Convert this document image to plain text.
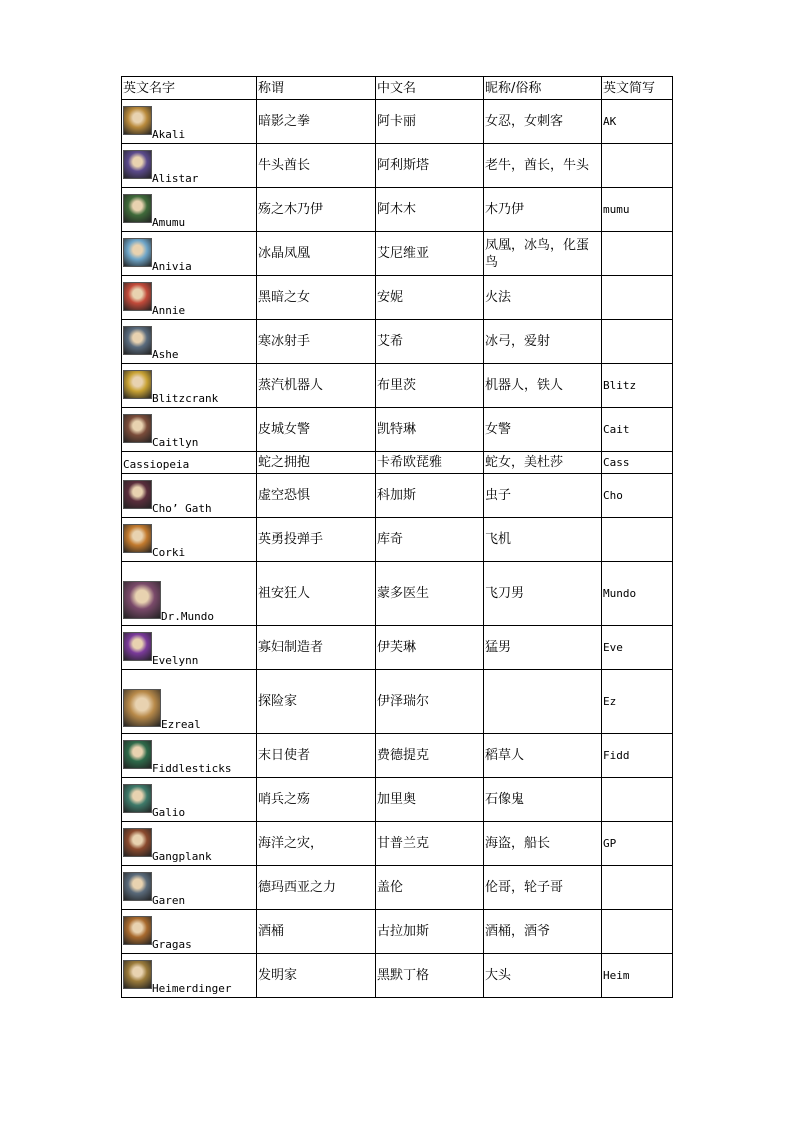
英文名字	称谓	中文名	昵称/俗称	英文简写

Akali	暗影之拳	阿卡丽	女忍，女刺客	AK

Alistar	牛头酋长	阿利斯塔	老牛，酋长，牛头	

Amumu	殇之木乃伊	阿木木	木乃伊	mumu

Anivia	冰晶凤凰	艾尼维亚	凤凰，冰鸟，化蛋鸟	

Annie	黑暗之女	安妮	火法	

Ashe	寒冰射手	艾希	冰弓，爱射	

Blitzcrank	蒸汽机器人	布里茨	机器人，铁人	Blitz

Caitlyn	皮城女警	凯特琳	女警	Cait

Cassiopeia	蛇之拥抱	卡希欧琵雅	蛇女，美杜莎	Cass

Cho’ Gath	虚空恐惧	科加斯	虫子	Cho

Corki	英勇投弹手	库奇	飞机	

Dr.Mundo	祖安狂人	蒙多医生	飞刀男	Mundo

Evelynn	寡妇制造者	伊芙琳	猛男	Eve

Ezreal	探险家	伊泽瑞尔		Ez

Fiddlesticks	末日使者	费德提克	稻草人	Fidd

Galio	哨兵之殇	加里奥	石像鬼	

Gangplank	海洋之灾，	甘普兰克	海盗，船长	GP

Garen	德玛西亚之力	盖伦	伦哥，轮子哥	

Gragas	酒桶	古拉加斯	酒桶，酒爷	

Heimerdinger	发明家	黑默丁格	大头	Heim
